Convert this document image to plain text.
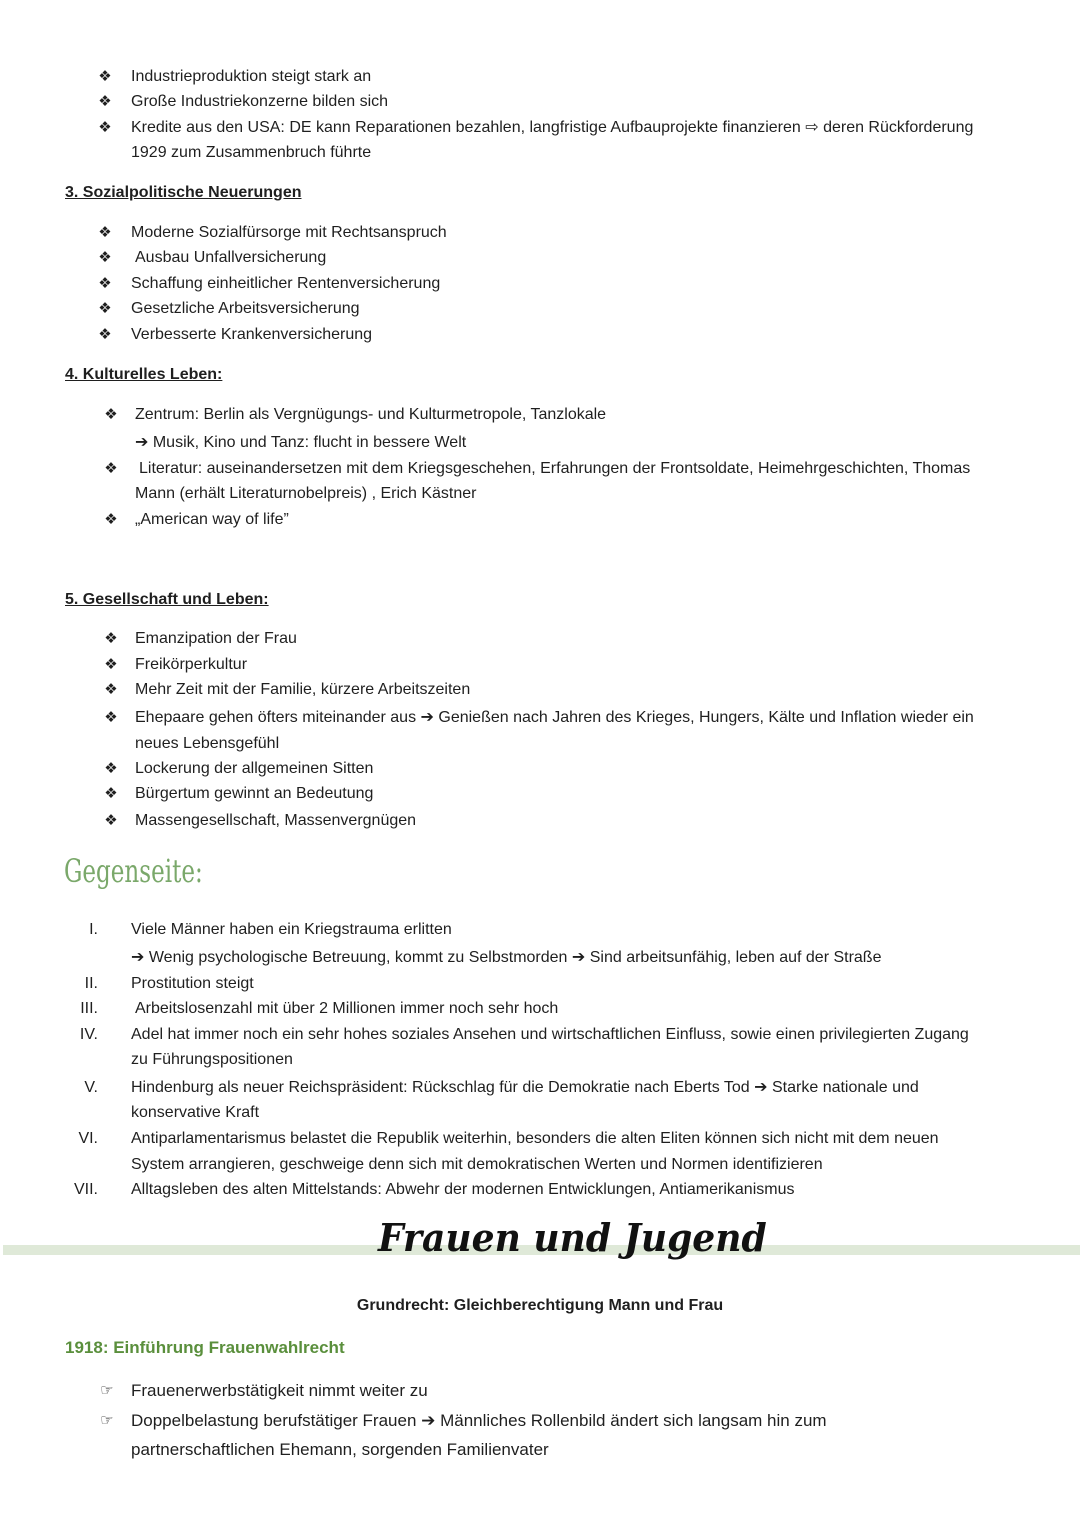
❖ Industrieproduktion steigt stark an
❖ Große Industriekonzerne bilden sich
❖ Kredite aus den USA: DE kann Reparationen bezahlen, langfristige Aufbauprojekte finanzieren ⇨ deren Rückforderung
1929 zum Zusammenbruch führte
3. Sozialpolitische Neuerungen
❖ Moderne Sozialfürsorge mit Rechtsanspruch
❖ Ausbau Unfallversicherung
❖ Schaffung einheitlicher Rentenversicherung
❖ Gesetzliche Arbeitsversicherung
❖ Verbesserte Krankenversicherung
4. Kulturelles Leben:
❖ Zentrum: Berlin als Vergnügungs- und Kulturmetropole, Tanzlokale
➔ Musik, Kino und Tanz: flucht in bessere Welt
❖ Literatur: auseinandersetzen mit dem Kriegsgeschehen, Erfahrungen der Frontsoldate, Heimehrgeschichten, Thomas
Mann (erhält Literaturnobelpreis) , Erich Kästner
❖ „American way of life”
5. Gesellschaft und Leben:
❖ Emanzipation der Frau
❖ Freikörperkultur
❖ Mehr Zeit mit der Familie, kürzere Arbeitszeiten
❖ Ehepaare gehen öfters miteinander aus ➔ Genießen nach Jahren des Krieges, Hungers, Kälte und Inflation wieder ein
neues Lebensgefühl
❖ Lockerung der allgemeinen Sitten
❖ Bürgertum gewinnt an Bedeutung
❖ Massengesellschaft, Massenvergnügen
Gegenseite:
I. Viele Männer haben ein Kriegstrauma erlitten
➔ Wenig psychologische Betreuung, kommt zu Selbstmorden ➔ Sind arbeitsunfähig, leben auf der Straße
II. Prostitution steigt
III. Arbeitslosenzahl mit über 2 Millionen immer noch sehr hoch
IV. Adel hat immer noch ein sehr hohes soziales Ansehen und wirtschaftlichen Einfluss, sowie einen privilegierten Zugang
zu Führungspositionen
V. Hindenburg als neuer Reichspräsident: Rückschlag für die Demokratie nach Eberts Tod ➔ Starke nationale und
konservative Kraft
VI. Antiparlamentarismus belastet die Republik weiterhin, besonders die alten Eliten können sich nicht mit dem neuen
System arrangieren, geschweige denn sich mit demokratischen Werten und Normen identifizieren
VII. Alltagsleben des alten Mittelstands: Abwehr der modernen Entwicklungen, Antiamerikanismus
Frauen und Jugend
Grundrecht: Gleichberechtigung Mann und Frau
1918: Einführung Frauenwahlrecht
☞ Frauenerwerbstätigkeit nimmt weiter zu
☞ Doppelbelastung berufstätiger Frauen ➔ Männliches Rollenbild ändert sich langsam hin zum
partnerschaftlichen Ehemann, sorgenden Familienvater
